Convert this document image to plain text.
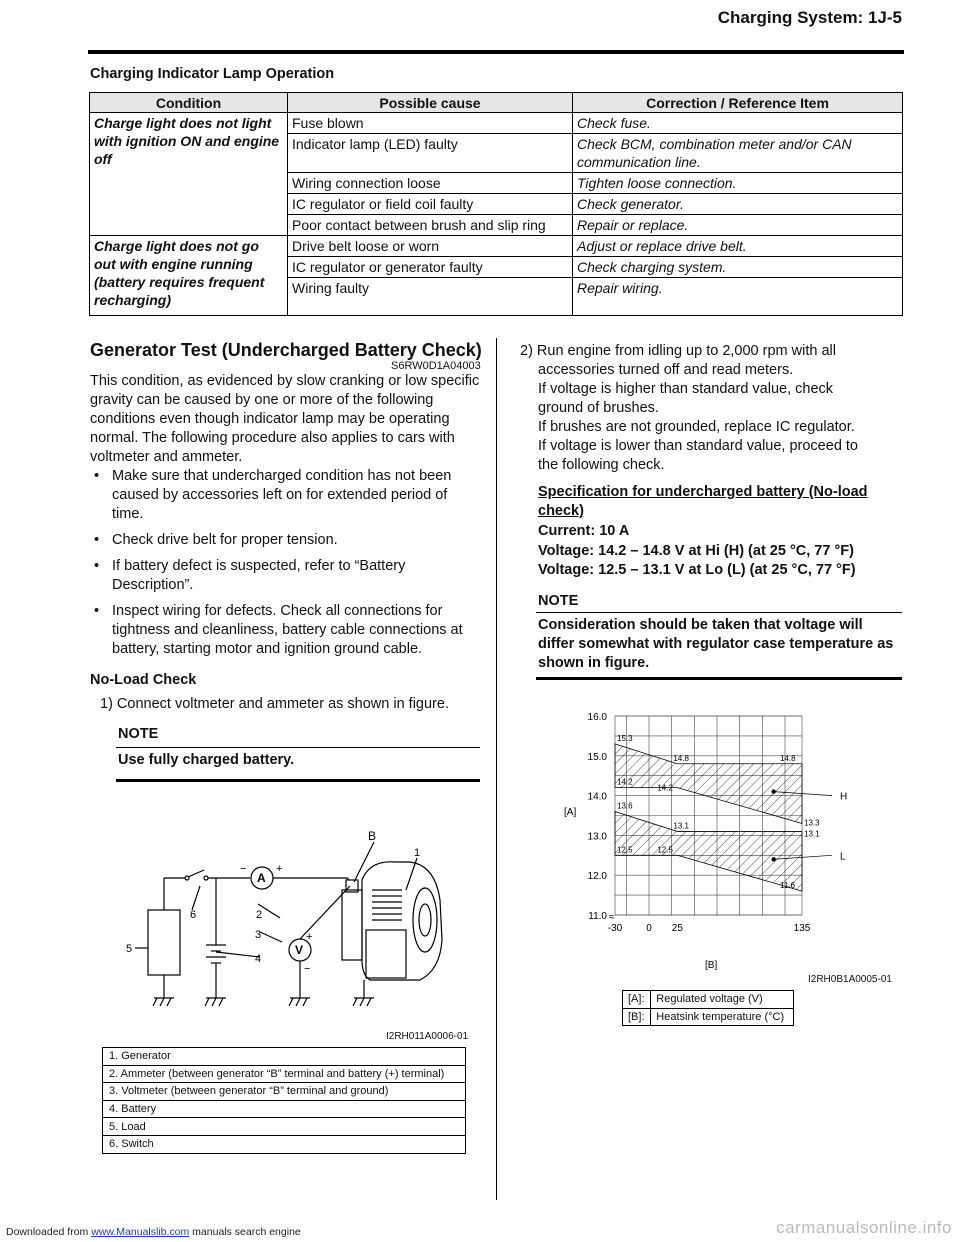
Charging System: 1J-5
Charging Indicator Lamp Operation
Condition	Possible cause	Correction / Reference Item
Charge light does not light with ignition ON and engine off	Fuse blown	Check fuse.
	Indicator lamp (LED) faulty	Check BCM, combination meter and/or CAN communication line.
	Wiring connection loose	Tighten loose connection.
	IC regulator or field coil faulty	Check generator.
	Poor contact between brush and slip ring	Repair or replace.
Charge light does not go out with engine running (battery requires frequent recharging)	Drive belt loose or worn	Adjust or replace drive belt.
	IC regulator or generator faulty	Check charging system.
	Wiring faulty	Repair wiring.
Generator Test (Undercharged Battery Check)
S6RW0D1A04003
This condition, as evidenced by slow cranking or low specific gravity can be caused by one or more of the following conditions even though indicator lamp may be operating normal. The following procedure also applies to cars with voltmeter and ammeter.
• Make sure that undercharged condition has not been caused by accessories left on for extended period of time.
• Check drive belt for proper tension.
• If battery defect is suspected, refer to “Battery Description”.
• Inspect wiring for defects. Check all connections for tightness and cleanliness, battery cable connections at battery, starting motor and ignition ground cable.
No-Load Check
1) Connect voltmeter and ammeter as shown in figure.
NOTE
Use fully charged battery.
A
V
−	+
+
−
B
1
2
3
4
5
6
I2RH011A0006-01
1. Generator
2. Ammeter (between generator “B” terminal and battery (+) terminal)
3. Voltmeter (between generator “B” terminal and ground)
4. Battery
5. Load
6. Switch
2) Run engine from idling up to 2,000 rpm with all
accessories turned off and read meters.
If voltage is higher than standard value, check
ground of brushes.
If brushes are not grounded, replace IC regulator.
If voltage is lower than standard value, proceed to
the following check.
Specification for undercharged battery (No-load check)
Current: 10 A
Voltage: 14.2 – 14.8 V at Hi (H) (at 25 °C, 77 °F)
Voltage: 12.5 – 13.1 V at Lo (L) (at 25 °C, 77 °F)
NOTE
Consideration should be taken that voltage will differ somewhat with regulator case temperature as shown in figure.
H
L
11.0
12.0
13.0
14.0
15.0
16.0
-30 0 25	135
≈
15.3
14.8	14.8
14.2
14.2
13.6
13.1	13.3
13.1
12.5	12.5
11.6
[A]
[B]
I2RH0B1A0005-01
[A]:	Regulated voltage (V)
[B]:	Heatsink temperature (°C)
Downloaded from www.Manualslib.com manuals search engine	carmanualsonline.info
